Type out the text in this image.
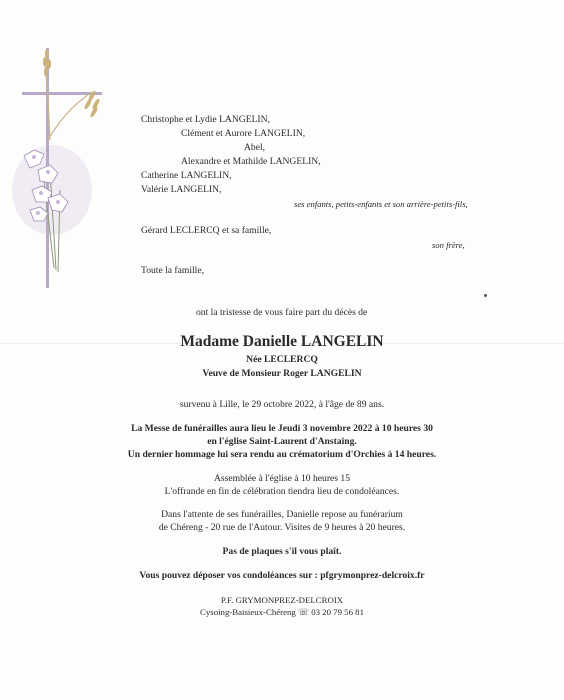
Christophe et Lydie LANGELIN,
Clément et Aurore LANGELIN,
Abel,
Alexandre et Mathilde LANGELIN,
Catherine LANGELIN,
Valérie LANGELIN,
ses enfants, petits-enfants et son arrière-petits-fils,
Gérard LECLERCQ et sa famille,
son frère,
Toute la famille,
ont la tristesse de vous faire part du décès de
Madame Danielle LANGELIN
Née LECLERCQ
Veuve de Monsieur Roger LANGELIN
survenu à Lille, le 29 octobre 2022, à l'âge de 89 ans.
La Messe de funérailles aura lieu le Jeudi 3 novembre 2022 à 10 heures 30
en l'église Saint-Laurent d'Anstaing.
Un dernier hommage lui sera rendu au crématorium d'Orchies à 14 heures.
Assemblée à l'église à 10 heures 15
L'offrande en fin de célébration tiendra lieu de condoléances.
Dans l'attente de ses funérailles, Danielle repose au funérarium
de Chéreng - 20 rue de l'Autour. Visites de 9 heures à 20 heures.
Pas de plaques s'il vous plaît.
Vous pouvez déposer vos condoléances sur : pfgrymonprez-delcroix.fr
P.F. GRYMONPREZ-DELCROIX
Cysoing-Baisieux-Chéreng ☏ 03 20 79 56 81
